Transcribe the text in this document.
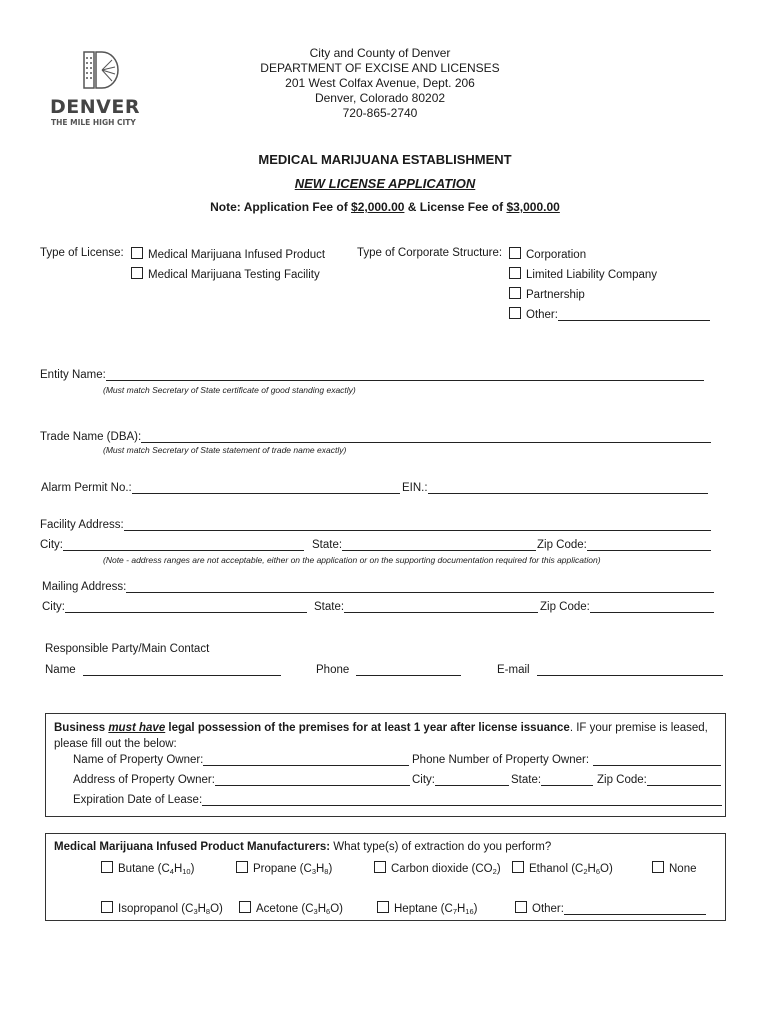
DENVER
THE MILE HIGH CITY
City and County of Denver
DEPARTMENT OF EXCISE AND LICENSES
201 West Colfax Avenue, Dept. 206
Denver, Colorado 80202
720-865-2740
MEDICAL MARIJUANA ESTABLISHMENT
NEW LICENSE APPLICATION
Note: Application Fee of $2,000.00 & License Fee of $3,000.00
Type of License:	Medical Marijuana Infused Product
Medical Marijuana Testing Facility
Type of Corporate Structure:	Corporation
Limited Liability Company
Partnership
Other:
Entity Name:
(Must match Secretary of State certificate of good standing exactly)
Trade Name (DBA):
(Must match Secretary of State statement of trade name exactly)
Alarm Permit No.:	EIN.:
Facility Address:
City:	State:	Zip Code:
(Note - address ranges are not acceptable, either on the application or on the supporting documentation required for this application)
Mailing Address:
City:	State:	Zip Code:
Responsible Party/Main Contact
Name	Phone	E-mail
Business must have legal possession of the premises for at least 1 year after license issuance. IF your premise is leased,
please fill out the below:
Name of Property Owner:	Phone Number of Property Owner:
Address of Property Owner:	City:	State:	Zip Code:
Expiration Date of Lease:
Medical Marijuana Infused Product Manufacturers: What type(s) of extraction do you perform?
Butane $(C_4H_{10})$	Propane $(C_3H_8)$	Carbon dioxide $(CO_2)$	Ethanol $(C_2H_6O)$	None
Isopropanol $(C_3H_8O)$	Acetone $(C_3H_6O)$	Heptane $(C_7H_{16})$	Other:
